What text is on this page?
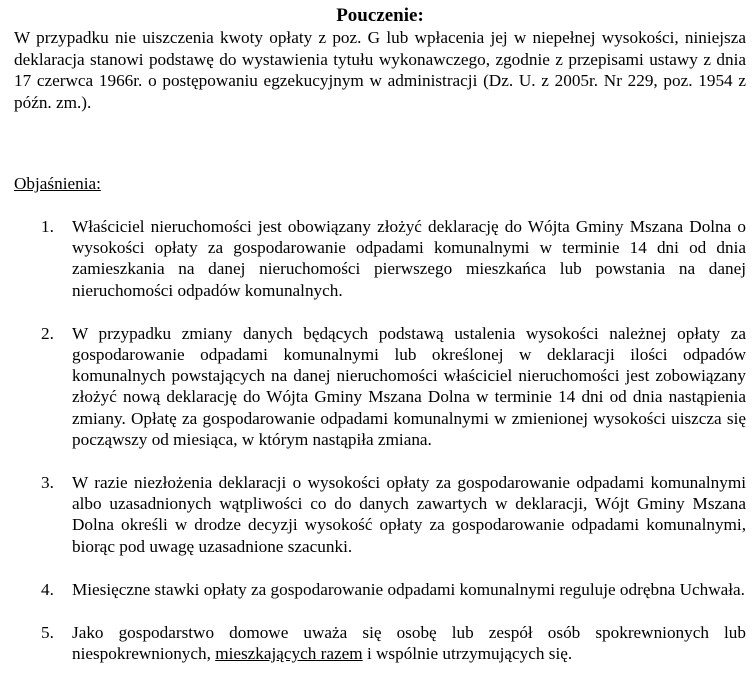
Pouczenie:

W przypadku nie uiszczenia kwoty opłaty z poz. G lub wpłacenia jej w niepełnej wysokości, niniejsza deklaracja stanowi podstawę do wystawienia tytułu wykonawczego, zgodnie z przepisami ustawy z dnia 17 czerwca 1966r. o postępowaniu egzekucyjnym w administracji (Dz. U. z 2005r. Nr 229, poz. 1954 z późn. zm.).

Objaśnienia:

1. Właściciel nieruchomości jest obowiązany złożyć deklarację do Wójta Gminy Mszana Dolna o wysokości opłaty za gospodarowanie odpadami komunalnymi w terminie 14 dni od dnia zamieszkania na danej nieruchomości pierwszego mieszkańca lub powstania na danej nieruchomości odpadów komunalnych.
2. W przypadku zmiany danych będących podstawą ustalenia wysokości należnej opłaty za gospodarowanie odpadami komunalnymi lub określonej w deklaracji ilości odpadów komunalnych powstających na danej nieruchomości właściciel nieruchomości jest zobowiązany złożyć nową deklarację do Wójta Gminy Mszana Dolna w terminie 14 dni od dnia nastąpienia zmiany. Opłatę za gospodarowanie odpadami komunalnymi w zmienionej wysokości uiszcza się począwszy od miesiąca, w którym nastąpiła zmiana.
3. W razie niezłożenia deklaracji o wysokości opłaty za gospodarowanie odpadami komunalnymi albo uzasadnionych wątpliwości co do danych zawartych w deklaracji, Wójt Gminy Mszana Dolna określi w drodze decyzji wysokość opłaty za gospodarowanie odpadami komunalnymi, biorąc pod uwagę uzasadnione szacunki.
4. Miesięczne stawki opłaty za gospodarowanie odpadami komunalnymi reguluje odrębna Uchwała.
5. Jako gospodarstwo domowe uważa się osobę lub zespół osób spokrewnionych lub niespokrewnionych, mieszkających razem i wspólnie utrzymujących się.
